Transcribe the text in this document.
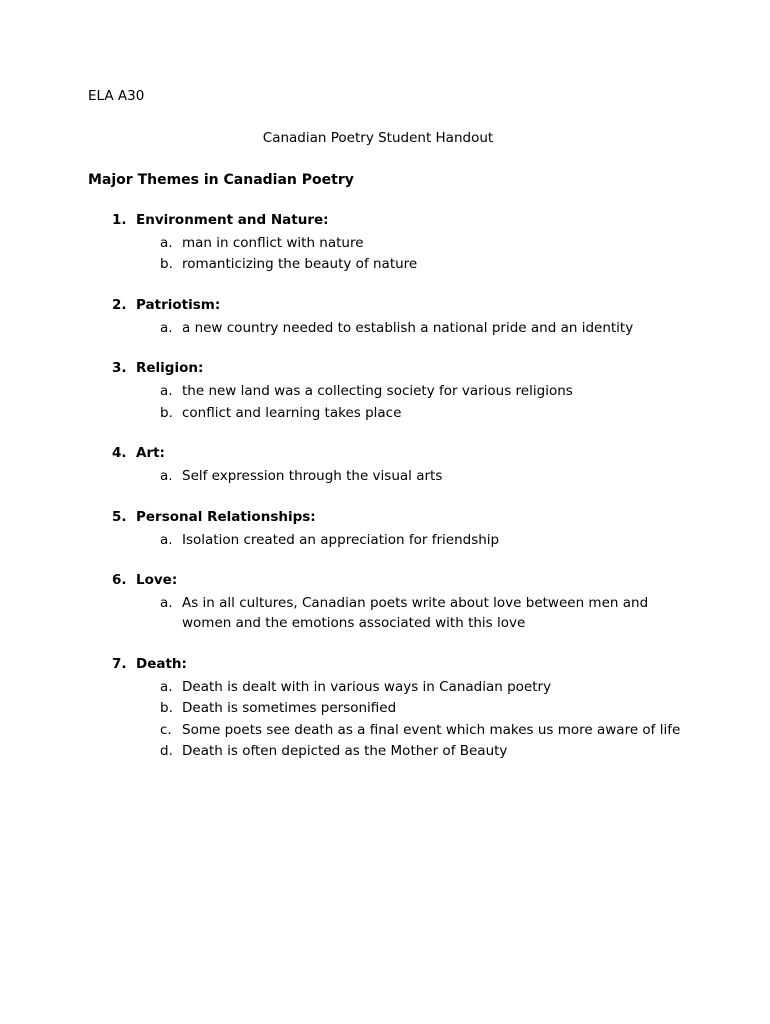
ELA A30
Canadian Poetry Student Handout
Major Themes in Canadian Poetry
1. Environment and Nature:
a. man in conflict with nature
b. romanticizing the beauty of nature
2. Patriotism:
a. a new country needed to establish a national pride and an identity
3. Religion:
a. the new land was a collecting society for various religions
b. conflict and learning takes place
4. Art:
a. Self expression through the visual arts
5. Personal Relationships:
a. Isolation created an appreciation for friendship
6. Love:
a. As in all cultures, Canadian poets write about love between men and women and the emotions associated with this love
7. Death:
a. Death is dealt with in various ways in Canadian poetry
b. Death is sometimes personified
c. Some poets see death as a final event which makes us more aware of life
d. Death is often depicted as the Mother of Beauty
